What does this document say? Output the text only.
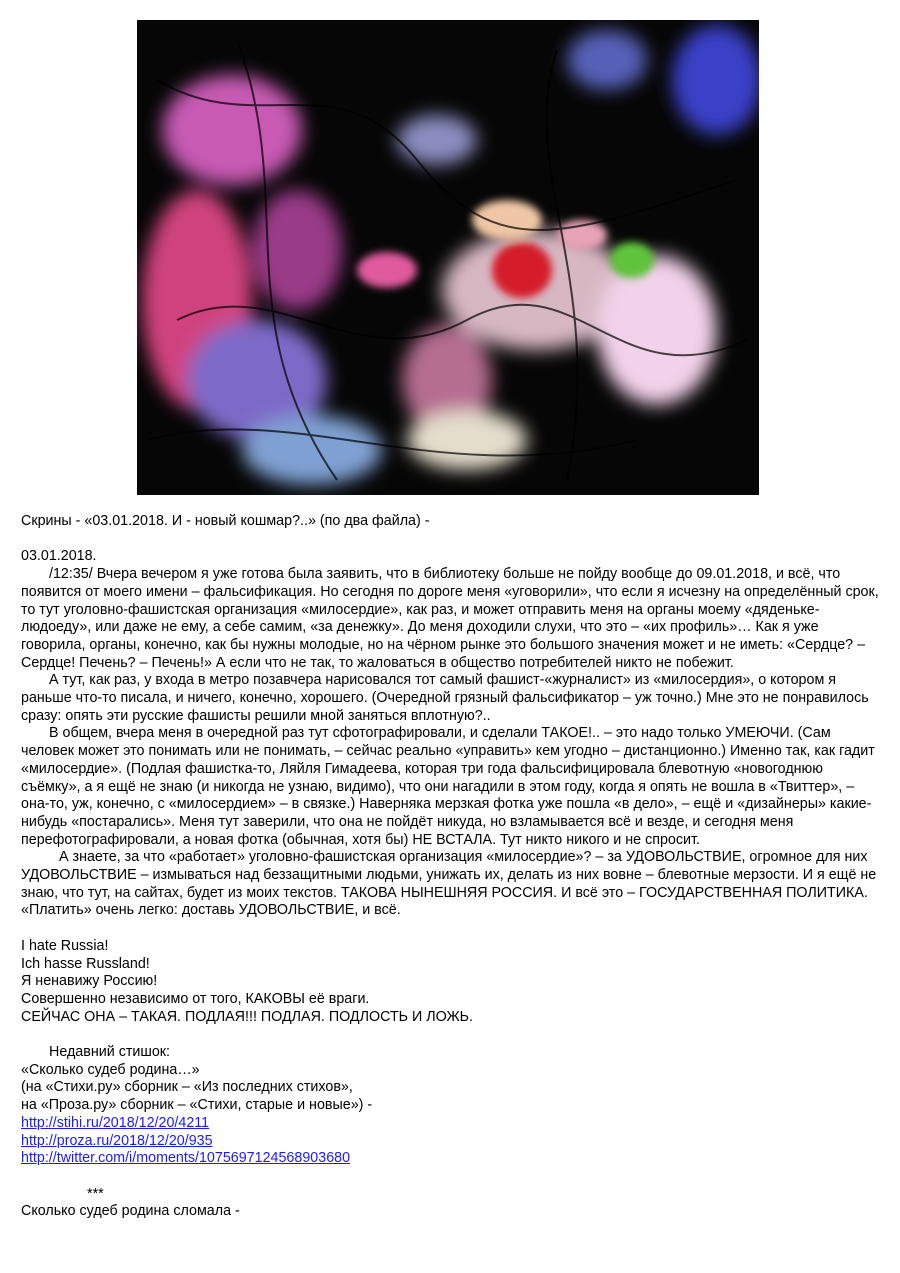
Скрины - «03.01.2018. И - новый кошмар?..» (по два файла) -

03.01.2018.

/12:35/ Вчера вечером я уже готова была заявить, что в библиотеку больше не пойду вообще до 09.01.2018, и всё, что появится от моего имени – фальсификация. Но сегодня по дороге меня «уговорили», что если я исчезну на определённый срок, то тут уголовно-фашистская организация «милосердие», как раз, и может отправить меня на органы моему «дяденьке-людоеду», или даже не ему, а себе самим, «за денежку». До меня доходили слухи, что это – «их профиль»… Как я уже говорила, органы, конечно, как бы нужны молодые, но на чёрном рынке это большого значения может и не иметь: «Сердце? – Сердце! Печень? – Печень!» А если что не так, то жаловаться в общество потребителей никто не побежит.

А тут, как раз, у входа в метро позавчера нарисовался тот самый фашист-«журналист» из «милосердия», о котором я раньше что-то писала, и ничего, конечно, хорошего. (Очередной грязный фальсификатор – уж точно.) Мне это не понравилось сразу: опять эти русские фашисты решили мной заняться вплотную?..

В общем, вчера меня в очередной раз тут сфотографировали, и сделали ТАКОЕ!.. – это надо только УМЕЮЧИ. (Сам человек может это понимать или не понимать, – сейчас реально «управить» кем угодно – дистанционно.) Именно так, как гадит «милосердие». (Подлая фашистка-то, Ляйля Гимадеева, которая три года фальсифицировала блевотную «новогоднюю съёмку», а я ещё не знаю (и никогда не узнаю, видимо), что они нагадили в этом году, когда я опять не вошла в «Твиттер», – она-то, уж, конечно, с «милосердием» – в связке.) Наверняка мерзкая фотка уже пошла «в дело», – ещё и «дизайнеры» какие-нибудь «постарались». Меня тут заверили, что она не пойдёт никуда, но взламывается всё и везде, и сегодня меня перефотографировали, а новая фотка (обычная, хотя бы) НЕ ВСТАЛА. Тут никто никого и не спросит.

А знаете, за что «работает» уголовно-фашистская организация «милосердие»? – за УДОВОЛЬСТВИЕ, огромное для них УДОВОЛЬСТВИЕ – измываться над беззащитными людьми, унижать их, делать из них вовне – блевотные мерзости. И я ещё не знаю, что тут, на сайтах, будет из моих текстов. ТАКОВА НЫНЕШНЯЯ РОССИЯ. И всё это – ГОСУДАРСТВЕННАЯ ПОЛИТИКА. «Платить» очень легко: доставь УДОВОЛЬСТВИЕ, и всё.

I hate Russia!

Ich hasse Russland!

Я ненавижу Россию!

Совершенно независимо от того, КАКОВЫ её враги.

СЕЙЧАС ОНА – ТАКАЯ. ПОДЛАЯ!!! ПОДЛАЯ. ПОДЛОСТЬ И ЛОЖЬ.

Недавний стишок:

«Сколько судеб родина…»

(на «Стихи.ру» сборник – «Из последних стихов»,

на «Проза.ру» сборник – «Стихи, старые и новые») -

http://stihi.ru/2018/12/20/4211

http://proza.ru/2018/12/20/935

http://twitter.com/i/moments/1075697124568903680

***

Сколько судеб родина сломала -
